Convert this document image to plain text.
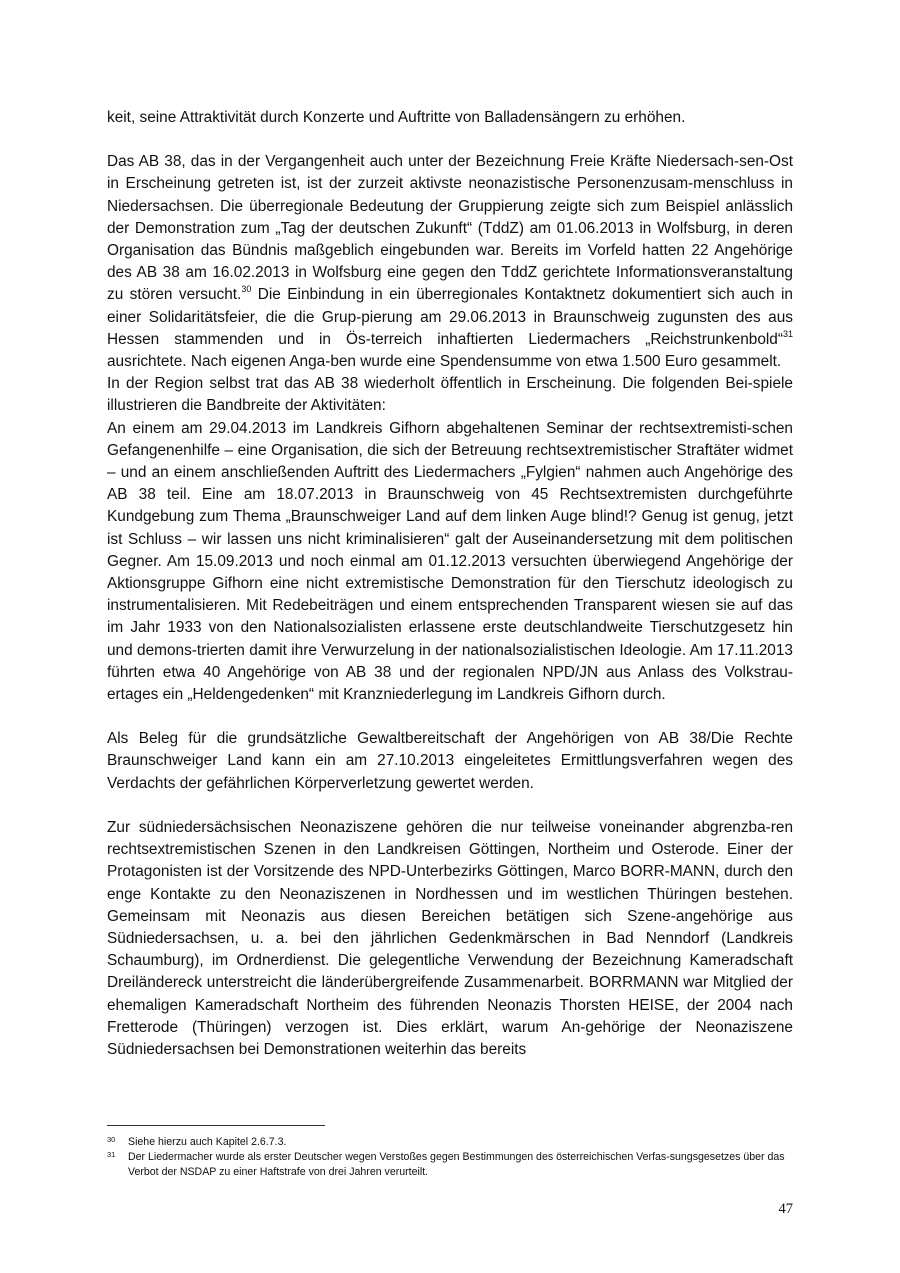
keit, seine Attraktivität durch Konzerte und Auftritte von Balladensängern zu erhöhen.

Das AB 38, das in der Vergangenheit auch unter der Bezeichnung Freie Kräfte Niedersach-sen-Ost in Erscheinung getreten ist, ist der zurzeit aktivste neonazistische Personenzusam-menschluss in Niedersachsen. Die überregionale Bedeutung der Gruppierung zeigte sich zum Beispiel anlässlich der Demonstration zum „Tag der deutschen Zukunft“ (TddZ) am 01.06.2013 in Wolfsburg, in deren Organisation das Bündnis maßgeblich eingebunden war. Bereits im Vorfeld hatten 22 Angehörige des AB 38 am 16.02.2013 in Wolfsburg eine gegen den TddZ gerichtete Informationsveranstaltung zu stören versucht.$^{30}$ Die Einbindung in ein überregionales Kontaktnetz dokumentiert sich auch in einer Solidaritätsfeier, die die Grup-pierung am 29.06.2013 in Braunschweig zugunsten des aus Hessen stammenden und in Ös-terreich inhaftierten Liedermachers „Reichstrunkenbold“$^{31}$ ausrichtete. Nach eigenen Anga-ben wurde eine Spendensumme von etwa 1.500 Euro gesammelt.

In der Region selbst trat das AB 38 wiederholt öffentlich in Erscheinung. Die folgenden Bei-spiele illustrieren die Bandbreite der Aktivitäten:

An einem am 29.04.2013 im Landkreis Gifhorn abgehaltenen Seminar der rechtsextremisti-schen Gefangenenhilfe – eine Organisation, die sich der Betreuung rechtsextremistischer Straftäter widmet – und an einem anschließenden Auftritt des Liedermachers „Fylgien“ nahmen auch Angehörige des AB 38 teil. Eine am 18.07.2013 in Braunschweig von 45 Rechtsextremisten durchgeführte Kundgebung zum Thema „Braunschweiger Land auf dem linken Auge blind!? Genug ist genug, jetzt ist Schluss – wir lassen uns nicht kriminalisieren“ galt der Auseinandersetzung mit dem politischen Gegner. Am 15.09.2013 und noch einmal am 01.12.2013 versuchten überwiegend Angehörige der Aktionsgruppe Gifhorn eine nicht extremistische Demonstration für den Tierschutz ideologisch zu instrumentalisieren. Mit Redebeiträgen und einem entsprechenden Transparent wiesen sie auf das im Jahr 1933 von den Nationalsozialisten erlassene erste deutschlandweite Tierschutzgesetz hin und demons-trierten damit ihre Verwurzelung in der nationalsozialistischen Ideologie. Am 17.11.2013 führten etwa 40 Angehörige von AB 38 und der regionalen NPD/JN aus Anlass des Volkstrau-ertages ein „Heldengedenken“ mit Kranzniederlegung im Landkreis Gifhorn durch.

Als Beleg für die grundsätzliche Gewaltbereitschaft der Angehörigen von AB 38/Die Rechte Braunschweiger Land kann ein am 27.10.2013 eingeleitetes Ermittlungsverfahren wegen des Verdachts der gefährlichen Körperverletzung gewertet werden.

Zur südniedersächsischen Neonaziszene gehören die nur teilweise voneinander abgrenzba-ren rechtsextremistischen Szenen in den Landkreisen Göttingen, Northeim und Osterode. Einer der Protagonisten ist der Vorsitzende des NPD-Unterbezirks Göttingen, Marco BORR-MANN, durch den enge Kontakte zu den Neonaziszenen in Nordhessen und im westlichen Thüringen bestehen. Gemeinsam mit Neonazis aus diesen Bereichen betätigen sich Szene-angehörige aus Südniedersachsen, u. a. bei den jährlichen Gedenkmärschen in Bad Nenndorf (Landkreis Schaumburg), im Ordnerdienst. Die gelegentliche Verwendung der Bezeichnung Kameradschaft Dreiländereck unterstreicht die länderübergreifende Zusammenarbeit. BORRMANN war Mitglied der ehemaligen Kameradschaft Northeim des führenden Neonazis Thorsten HEISE, der 2004 nach Fretterode (Thüringen) verzogen ist. Dies erklärt, warum An-gehörige der Neonaziszene Südniedersachsen bei Demonstrationen weiterhin das bereits

30 Siehe hierzu auch Kapitel 2.6.7.3.

31 Der Liedermacher wurde als erster Deutscher wegen Verstoßes gegen Bestimmungen des österreichischen Verfas-sungsgesetzes über das Verbot der NSDAP zu einer Haftstrafe von drei Jahren verurteilt.

47
